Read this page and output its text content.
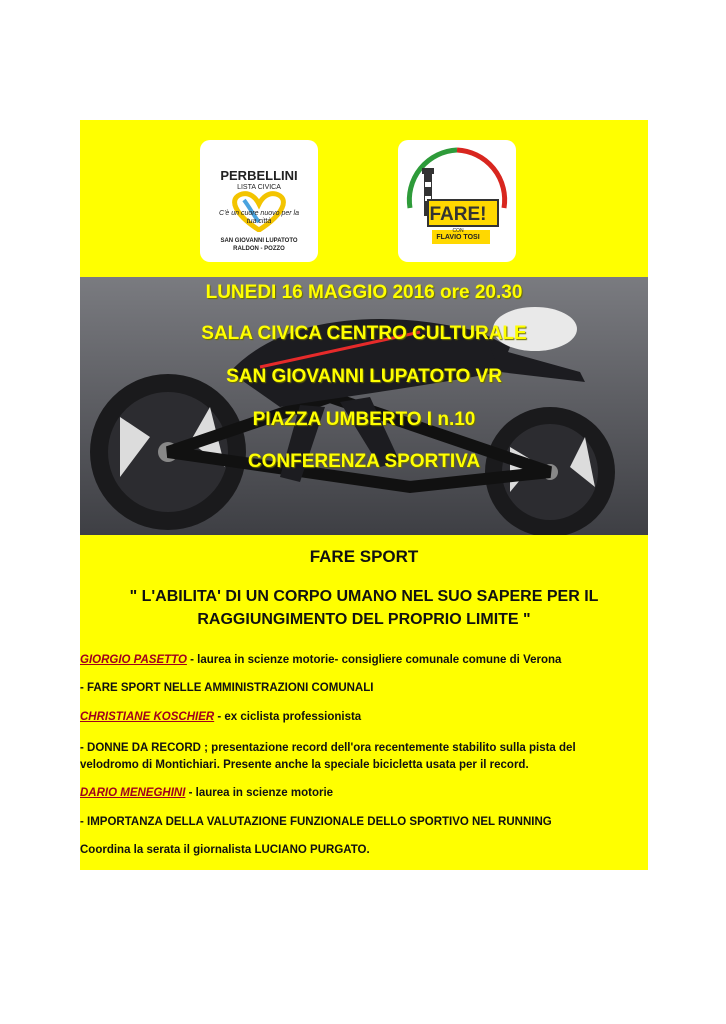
PERBELLINI
LISTA CIVICA
C'è un cuore nuovo per la tua città
SAN GIOVANNI LUPATOTO
RALDON - POZZO
FARE!
CON
FLAVIO TOSI
LUNEDI 16 MAGGIO 2016 ore 20.30
SALA CIVICA CENTRO CULTURALE
SAN GIOVANNI LUPATOTO VR
PIAZZA UMBERTO I n.10
CONFERENZA SPORTIVA
FARE SPORT
" L'ABILITA' DI UN CORPO UMANO NEL SUO SAPERE PER IL
RAGGIUNGIMENTO DEL PROPRIO LIMITE "
GIORGIO PASETTO - laurea in scienze motorie- consigliere comunale comune di Verona
- FARE SPORT NELLE AMMINISTRAZIONI COMUNALI
CHRISTIANE KOSCHIER - ex ciclista professionista
- DONNE DA RECORD ; presentazione record dell'ora recentemente stabilito sulla pista del
velodromo di Montichiari. Presente anche la speciale bicicletta usata per il record.
DARIO MENEGHINI - laurea in scienze motorie
- IMPORTANZA DELLA VALUTAZIONE FUNZIONALE DELLO SPORTIVO NEL RUNNING
Coordina la serata il giornalista LUCIANO PURGATO.
